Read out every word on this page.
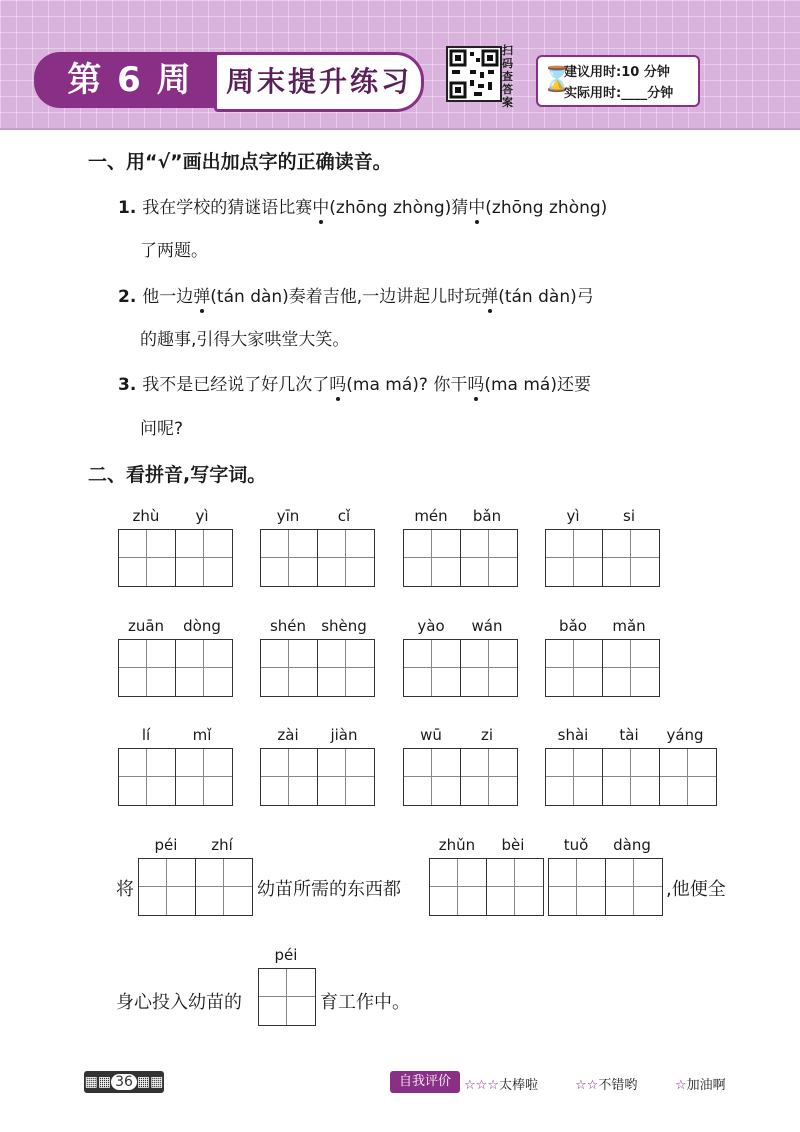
第 6 周	周末提升练习
扫码查答案
⌛
建议用时:10 分钟
实际用时:____分钟
一、用“√”画出加点字的正确读音。
1. 我在学校的猜谜语比赛中(zhōng zhòng)猜中(zhōng zhòng)
了两题。
2. 他一边弹(tán dàn)奏着吉他,一边讲起儿时玩弹(tán dàn)弓
的趣事,引得大家哄堂大笑。
3. 我不是已经说了好几次了吗(ma má)? 你干吗(ma má)还要
问呢?
二、看拼音,写字词。
zhù	yì	yīn	cǐ	mén	bǎn	yì	si
zuān	dòng	shén	shèng	yào	wán	bǎo	mǎn
lí	mǐ	zài	jiàn	wū	zi	shài	tài	yáng
将
péi	zhí
幼苗所需的东西都
zhǔn	bèi	tuǒ	dàng
,他便全
身心投入幼苗的
péi
育工作中。
▦▦ 36 ▦▦	自我评价	☆☆☆太棒啦	☆☆不错哟	☆加油啊
